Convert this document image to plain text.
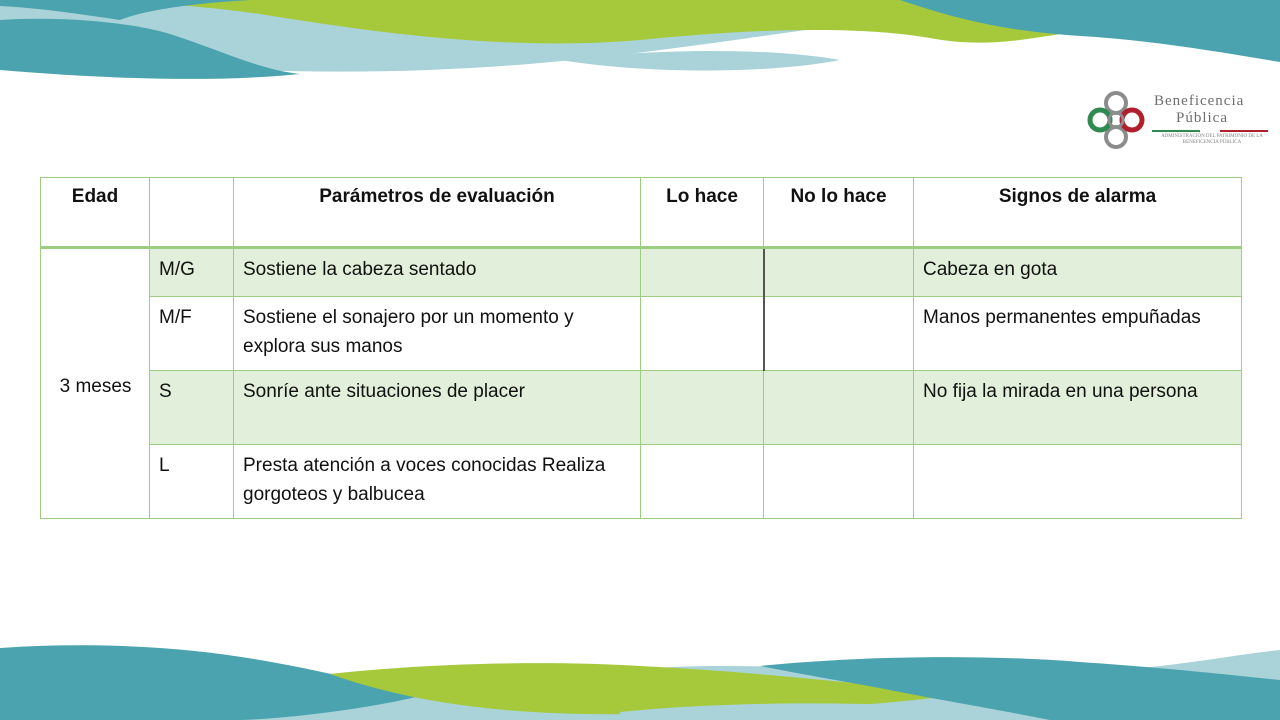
Beneficencia
Pública
ADMINISTRACIÓN DEL PATRIMONIO DE LA BENEFICENCIA PÚBLICA
Edad		Parámetros de evaluación	Lo hace	No lo hace	Signos de alarma
3 meses	M/G	Sostiene la cabeza sentado			Cabeza en gota
	M/F	Sostiene el sonajero por un momento y explora sus manos			Manos permanentes empuñadas
	S	Sonríe ante situaciones de placer			No fija la mirada en una persona
	L	Presta atención a voces conocidas Realiza gorgoteos y balbucea			
